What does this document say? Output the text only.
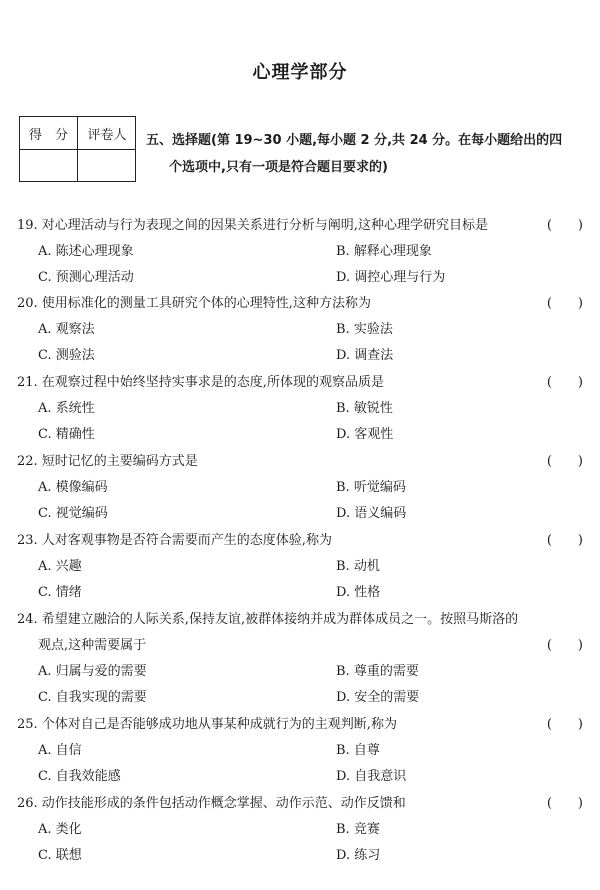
心理学部分
得　分	评卷人	五、选择题(第 19~30 小题,每小题 2 分,共 24 分。在每小题给出的四
个选项中,只有一项是符合题目要求的)
19. 对心理活动与行为表现之间的因果关系进行分析与阐明,这种心理学研究目标是	(　　)
A. 陈述心理现象	B. 解释心理现象
C. 预测心理活动	D. 调控心理与行为
20. 使用标准化的测量工具研究个体的心理特性,这种方法称为	(　　)
A. 观察法	B. 实验法
C. 测验法	D. 调查法
21. 在观察过程中始终坚持实事求是的态度,所体现的观察品质是	(　　)
A. 系统性	B. 敏锐性
C. 精确性	D. 客观性
22. 短时记忆的主要编码方式是	(　　)
A. 模像编码	B. 听觉编码
C. 视觉编码	D. 语义编码
23. 人对客观事物是否符合需要而产生的态度体验,称为	(　　)
A. 兴趣	B. 动机
C. 情绪	D. 性格
24. 希望建立融洽的人际关系,保持友谊,被群体接纳并成为群体成员之一。按照马斯洛的
观点,这种需要属于	(　　)
A. 归属与爱的需要	B. 尊重的需要
C. 自我实现的需要	D. 安全的需要
25. 个体对自己是否能够成功地从事某种成就行为的主观判断,称为	(　　)
A. 自信	B. 自尊
C. 自我效能感	D. 自我意识
26. 动作技能形成的条件包括动作概念掌握、动作示范、动作反馈和	(　　)
A. 类化	B. 竞赛
C. 联想	D. 练习
